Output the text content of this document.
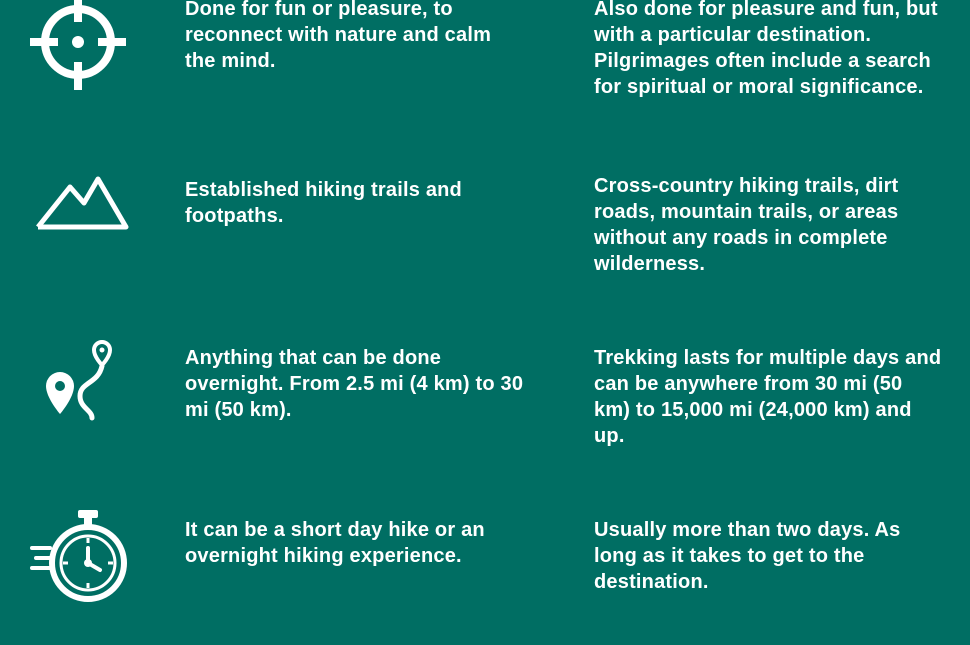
Done for fun or pleasure, to reconnect with nature and calm the mind.

Also done for pleasure and fun, but with a particular destination. Pilgrimages often include a search for spiritual or moral significance.

Established hiking trails and footpaths.

Cross-country hiking trails, dirt roads, mountain trails, or areas without any roads in complete wilderness.

Anything that can be done overnight. From 2.5 mi (4 km) to 30 mi (50 km).

Trekking lasts for multiple days and can be anywhere from 30 mi (50 km) to 15,000 mi (24,000 km) and up.

It can be a short day hike or an overnight hiking experience.

Usually more than two days. As long as it takes to get to the destination.
